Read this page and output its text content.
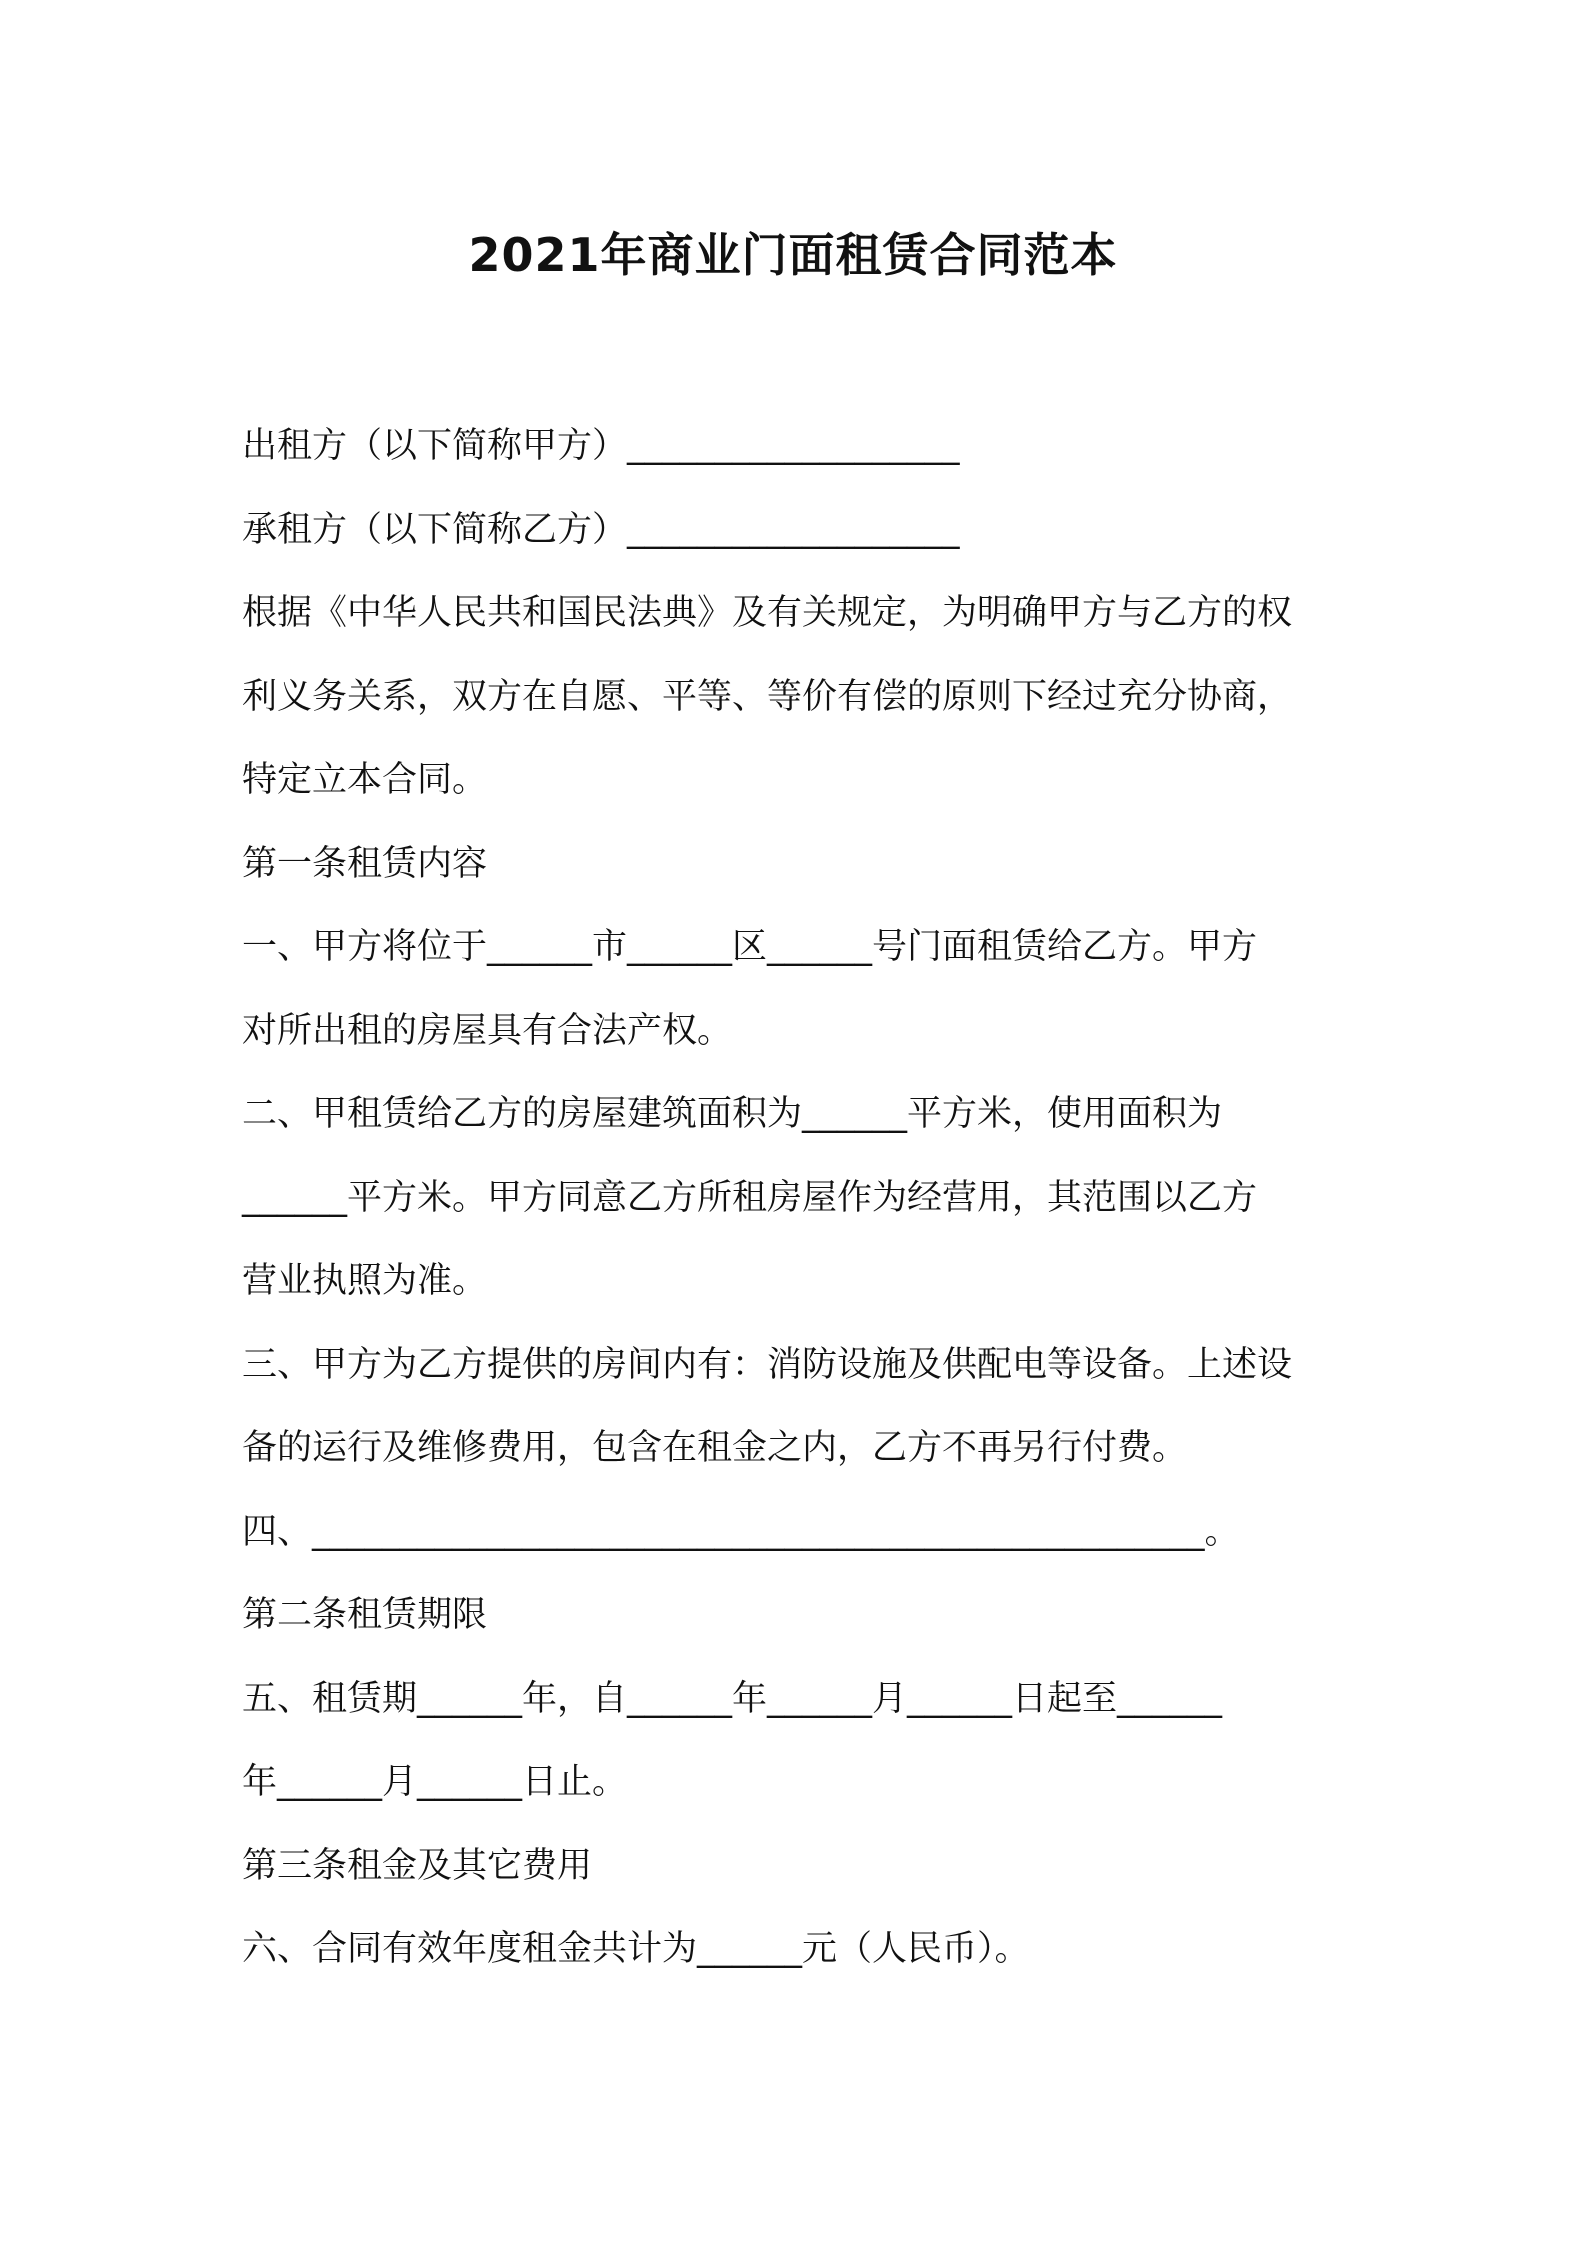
2021年商业门面租赁合同范本
出租方（以下简称甲方）___________________
承租方（以下简称乙方）___________________
根据《中华人民共和国民法典》及有关规定，为明确甲方与乙方的权
利义务关系，双方在自愿、平等、等价有偿的原则下经过充分协商，
特定立本合同。
第一条租赁内容
一、甲方将位于______市______区______号门面租赁给乙方。甲方
对所出租的房屋具有合法产权。
二、甲租赁给乙方的房屋建筑面积为______平方米，使用面积为
______平方米。甲方同意乙方所租房屋作为经营用，其范围以乙方
营业执照为准。
三、甲方为乙方提供的房间内有：消防设施及供配电等设备。上述设
备的运行及维修费用，包含在租金之内，乙方不再另行付费。
四、___________________________________________________。
第二条租赁期限
五、租赁期______年，自______年______月______日起至______
年______月______日止。
第三条租金及其它费用
六、合同有效年度租金共计为______元（人民币）。
